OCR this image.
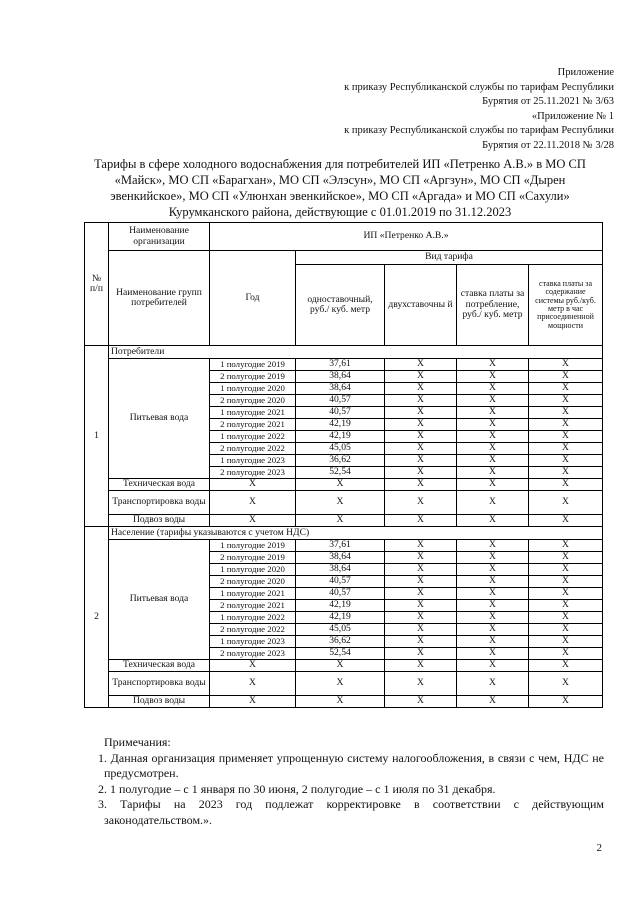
Приложение
к приказу Республиканской службы по тарифам Республики
Бурятия от 25.11.2021 № 3/63
«Приложение № 1
к приказу Республиканской службы по тарифам Республики
Бурятия от 22.11.2018 № 3/28
Тарифы в сфере холодного водоснабжения для потребителей ИП «Петренко А.В.» в МО СП
«Майск», МО СП «Барагхан», МО СП «Элэсун», МО СП «Аргзун», МО СП «Дырен
эвенкийское», МО СП «Улюнхан эвенкийское», МО СП «Аргада» и МО СП «Сахули»
Курумканского района, действующие с 01.01.2019 по 31.12.2023
№ п/п	Наименование организации	ИП «Петренко А.В.»				
	Наименование групп потребителей	Год	Вид тарифа			
			одноставочный, руб./ куб. метр	двухставочны й	ставка платы за потребление, руб./ куб. метр	ставка платы за содержание системы руб./куб. метр в час присоединенной мощности
1	Потребители					
	Питьевая вода	1 полугодие 2019	37,61	X	X	X
		2 полугодие 2019	38,64	X	X	X
		1 полугодие 2020	38,64	X	X	X
		2 полугодие 2020	40,57	X	X	X
		1 полугодие 2021	40,57	X	X	X
		2 полугодие 2021	42,19	X	X	X
		1 полугодие 2022	42,19	X	X	X
		2 полугодие 2022	45,05	X	X	X
		1 полугодие 2023	36,62	X	X	X
		2 полугодие 2023	52,54	X	X	X
	Техническая вода	X	X	X	X	X
	Транспортировка воды	X	X	X	X	X
	Подвоз воды	X	X	X	X	X
2	Население (тарифы указываются с учетом НДС)					
	Питьевая вода	1 полугодие 2019	37,61	X	X	X
		2 полугодие 2019	38,64	X	X	X
		1 полугодие 2020	38,64	X	X	X
		2 полугодие 2020	40,57	X	X	X
		1 полугодие 2021	40,57	X	X	X
		2 полугодие 2021	42,19	X	X	X
		1 полугодие 2022	42,19	X	X	X
		2 полугодие 2022	45,05	X	X	X
		1 полугодие 2023	36,62	X	X	X
		2 полугодие 2023	52,54	X	X	X
	Техническая вода	X	X	X	X	X
	Транспортировка воды	X	X	X	X	X
	Подвоз воды	X	X	X	X	X

Примечания:

1. Данная организация применяет упрощенную систему налогообложения, в связи с чем, НДС не предусмотрен.

2. 1 полугодие – с 1 января по 30 июня, 2 полугодие – с 1 июля по 31 декабря.

3. Тарифы на 2023 год подлежат корректировке в соответствии с действующим законодательством.».

2
